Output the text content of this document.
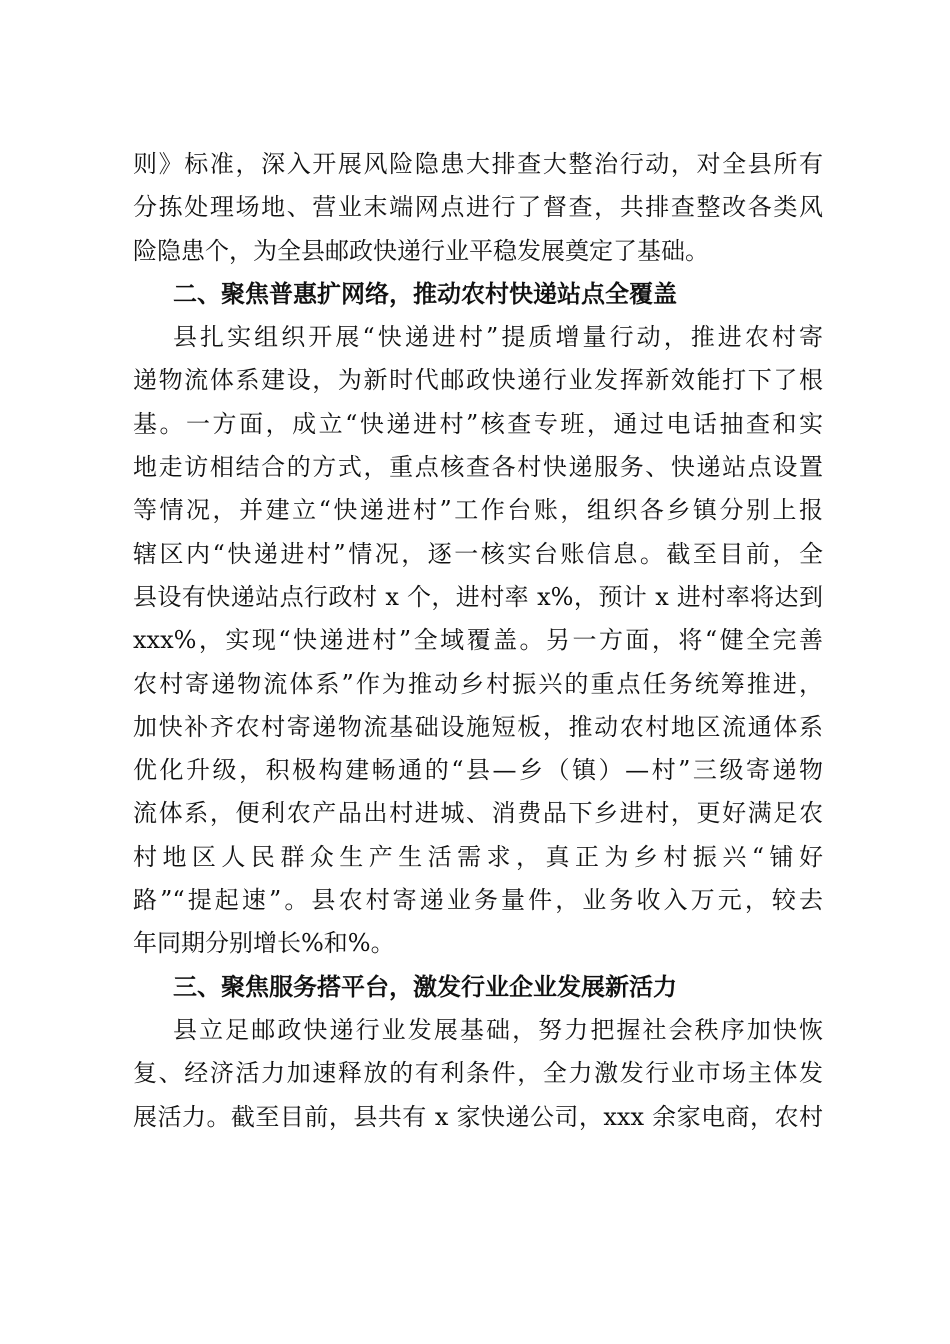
则》标准，深入开展风险隐患大排查大整治行动，对全县所有
分拣处理场地、营业末端网点进行了督查，共排查整改各类风
险隐患个，为全县邮政快递行业平稳发展奠定了基础。
二、聚焦普惠扩网络，推动农村快递站点全覆盖
县扎实组织开展“快递进村”提质增量行动，推进农村寄
递物流体系建设，为新时代邮政快递行业发挥新效能打下了根
基。一方面，成立“快递进村”核查专班，通过电话抽查和实
地走访相结合的方式，重点核查各村快递服务、快递站点设置
等情况，并建立“快递进村”工作台账，组织各乡镇分别上报
辖区内“快递进村”情况，逐一核实台账信息。截至目前，全
县设有快递站点行政村 x 个，进村率 x%，预计 x 进村率将达到
xxx%，实现“快递进村”全域覆盖。另一方面，将“健全完善
农村寄递物流体系”作为推动乡村振兴的重点任务统筹推进，
加快补齐农村寄递物流基础设施短板，推动农村地区流通体系
优化升级，积极构建畅通的“县—乡（镇）—村”三级寄递物
流体系，便利农产品出村进城、消费品下乡进村，更好满足农
村地区人民群众生产生活需求，真正为乡村振兴“铺好
路”“提起速”。县农村寄递业务量件，业务收入万元，较去
年同期分别增长%和%。
三、聚焦服务搭平台，激发行业企业发展新活力
县立足邮政快递行业发展基础，努力把握社会秩序加快恢
复、经济活力加速释放的有利条件，全力激发行业市场主体发
展活力。截至目前，县共有 x 家快递公司，xxx 余家电商，农村
